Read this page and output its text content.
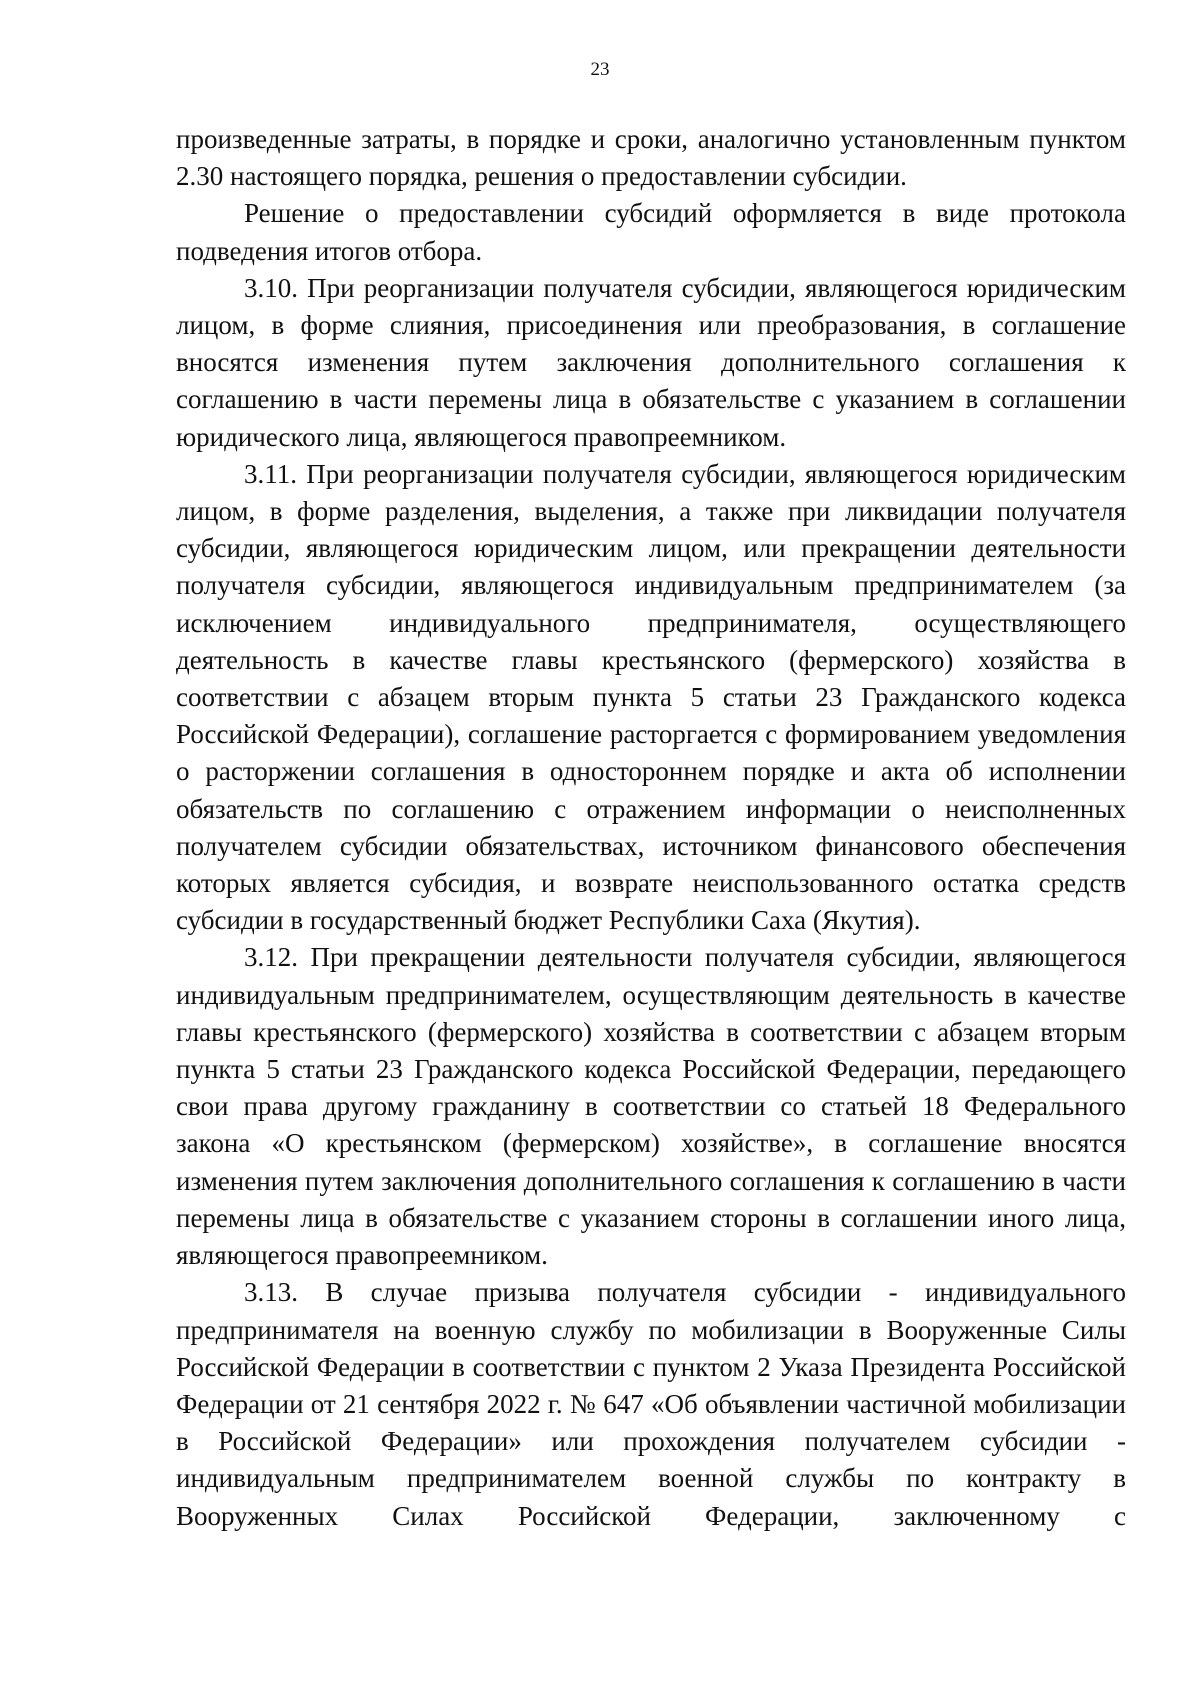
23

произведенные затраты, в порядке и сроки, аналогично установленным пунктом 2.30 настоящего порядка, решения о предоставлении субсидии.

Решение о предоставлении субсидий оформляется в виде протокола подведения итогов отбора.

3.10. При реорганизации получателя субсидии, являющегося юридическим лицом, в форме слияния, присоединения или преобразования, в соглашение вносятся изменения путем заключения дополнительного соглашения к соглашению в части перемены лица в обязательстве с указанием в соглашении юридического лица, являющегося правопреемником.

3.11. При реорганизации получателя субсидии, являющегося юридическим лицом, в форме разделения, выделения, а также при ликвидации получателя субсидии, являющегося юридическим лицом, или прекращении деятельности получателя субсидии, являющегося индивидуальным предпринимателем (за исключением индивидуального предпринимателя, осуществляющего деятельность в качестве главы крестьянского (фермерского) хозяйства в соответствии с абзацем вторым пункта 5 статьи 23 Гражданского кодекса Российской Федерации), соглашение расторгается с формированием уведомления о расторжении соглашения в одностороннем порядке и акта об исполнении обязательств по соглашению с отражением информации о неисполненных получателем субсидии обязательствах, источником финансового обеспечения которых является субсидия, и возврате неиспользованного остатка средств субсидии в государственный бюджет Республики Саха (Якутия).

3.12. При прекращении деятельности получателя субсидии, являющегося индивидуальным предпринимателем, осуществляющим деятельность в качестве главы крестьянского (фермерского) хозяйства в соответствии с абзацем вторым пункта 5 статьи 23 Гражданского кодекса Российской Федерации, передающего свои права другому гражданину в соответствии со статьей 18 Федерального закона «О крестьянском (фермерском) хозяйстве», в соглашение вносятся изменения путем заключения дополнительного соглашения к соглашению в части перемены лица в обязательстве с указанием стороны в соглашении иного лица, являющегося правопреемником.

3.13. В случае призыва получателя субсидии - индивидуального предпринимателя на военную службу по мобилизации в Вооруженные Силы Российской Федерации в соответствии с пунктом 2 Указа Президента Российской Федерации от 21 сентября 2022 г. № 647 «Об объявлении частичной мобилизации в Российской Федерации» или прохождения получателем субсидии - индивидуальным предпринимателем военной службы по контракту в Вооруженных Силах Российской Федерации, заключенному с
